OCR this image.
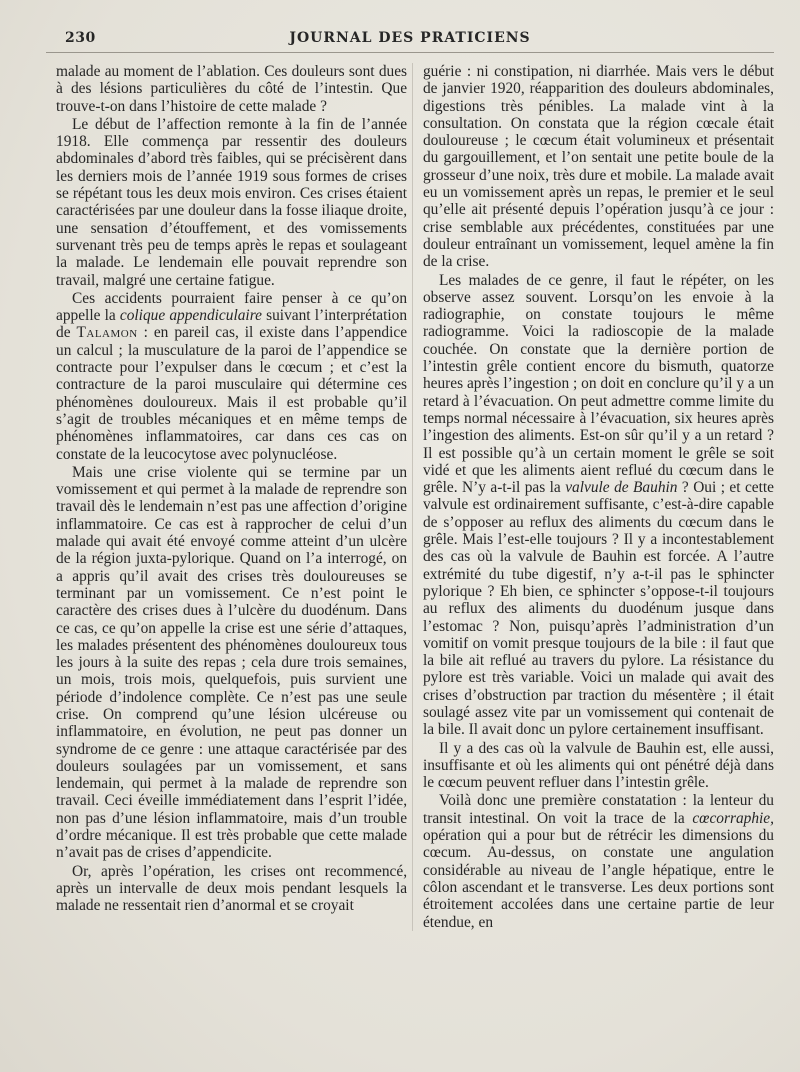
230	JOURNAL DES PRATICIENS

malade au moment de l’ablation. Ces douleurs sont dues à des lésions particulières du côté de l’intestin. Que trouve-t-on dans l’histoire de cette malade ?

Le début de l’affection remonte à la fin de l’année 1918. Elle commença par ressentir des douleurs abdominales d’abord très faibles, qui se précisèrent dans les derniers mois de l’année 1919 sous formes de crises se répétant tous les deux mois environ. Ces crises étaient caractérisées par une douleur dans la fosse iliaque droite, une sensation d’étouffement, et des vomissements survenant très peu de temps après le repas et soulageant la malade. Le lendemain elle pouvait reprendre son travail, malgré une certaine fatigue.

Ces accidents pourraient faire penser à ce qu’on appelle la colique appendiculaire suivant l’interprétation de Talamon : en pareil cas, il existe dans l’appendice un calcul ; la musculature de la paroi de l’appendice se contracte pour l’expulser dans le cœcum ; et c’est la contracture de la paroi musculaire qui détermine ces phénomènes douloureux. Mais il est probable qu’il s’agit de troubles mécaniques et en même temps de phénomènes inflammatoires, car dans ces cas on constate de la leucocytose avec polynucléose.

Mais une crise violente qui se termine par un vomissement et qui permet à la malade de reprendre son travail dès le lendemain n’est pas une affection d’origine inflammatoire. Ce cas est à rapprocher de celui d’un malade qui avait été envoyé comme atteint d’un ulcère de la région juxta-pylorique. Quand on l’a interrogé, on a appris qu’il avait des crises très douloureuses se terminant par un vomissement. Ce n’est point le caractère des crises dues à l’ulcère du duodénum. Dans ce cas, ce qu’on appelle la crise est une série d’attaques, les malades présentent des phénomènes douloureux tous les jours à la suite des repas ; cela dure trois semaines, un mois, trois mois, quelquefois, puis survient une période d’indolence complète. Ce n’est pas une seule crise. On comprend qu’une lésion ulcéreuse ou inflammatoire, en évolution, ne peut pas donner un syndrome de ce genre : une attaque caractérisée par des douleurs soulagées par un vomissement, et sans lendemain, qui permet à la malade de reprendre son travail. Ceci éveille immédiatement dans l’esprit l’idée, non pas d’une lésion inflammatoire, mais d’un trouble d’ordre mécanique. Il est très probable que cette malade n’avait pas de crises d’appendicite.

Or, après l’opération, les crises ont recommencé, après un intervalle de deux mois pendant lesquels la malade ne ressentait rien d’anormal et se croyait

guérie : ni constipation, ni diarrhée. Mais vers le début de janvier 1920, réapparition des douleurs abdominales, digestions très pénibles. La malade vint à la consultation. On constata que la région cœcale était douloureuse ; le cœcum était volumineux et présentait du gargouillement, et l’on sentait une petite boule de la grosseur d’une noix, très dure et mobile. La malade avait eu un vomissement après un repas, le premier et le seul qu’elle ait présenté depuis l’opération jusqu’à ce jour : crise semblable aux précédentes, constituées par une douleur entraînant un vomissement, lequel amène la fin de la crise.

Les malades de ce genre, il faut le répéter, on les observe assez souvent. Lorsqu’on les envoie à la radiographie, on constate toujours le même radiogramme. Voici la radioscopie de la malade couchée. On constate que la dernière portion de l’intestin grêle contient encore du bismuth, quatorze heures après l’ingestion ; on doit en conclure qu’il y a un retard à l’évacuation. On peut admettre comme limite du temps normal nécessaire à l’évacuation, six heures après l’ingestion des aliments. Est-on sûr qu’il y a un retard ? Il est possible qu’à un certain moment le grêle se soit vidé et que les aliments aient reflué du cœcum dans le grêle. N’y a-t-il pas la valvule de Bauhin ? Oui ; et cette valvule est ordinairement suffisante, c’est-à-dire capable de s’opposer au reflux des aliments du cœcum dans le grêle. Mais l’est-elle toujours ? Il y a incontestablement des cas où la valvule de Bauhin est forcée. A l’autre extrémité du tube digestif, n’y a-t-il pas le sphincter pylorique ? Eh bien, ce sphincter s’oppose-t-il toujours au reflux des aliments du duodénum jusque dans l’estomac ? Non, puisqu’après l’administration d’un vomitif on vomit presque toujours de la bile : il faut que la bile ait reflué au travers du pylore. La résistance du pylore est très variable. Voici un malade qui avait des crises d’obstruction par traction du mésentère ; il était soulagé assez vite par un vomissement qui contenait de la bile. Il avait donc un pylore certainement insuffisant.

Il y a des cas où la valvule de Bauhin est, elle aussi, insuffisante et où les aliments qui ont pénétré déjà dans le cœcum peuvent refluer dans l’intestin grêle.

Voilà donc une première constatation : la lenteur du transit intestinal. On voit la trace de la cœcorraphie, opération qui a pour but de rétrécir les dimensions du cœcum. Au-dessus, on constate une angulation considérable au niveau de l’angle hépatique, entre le côlon ascendant et le transverse. Les deux portions sont étroitement accolées dans une certaine partie de leur étendue, en
